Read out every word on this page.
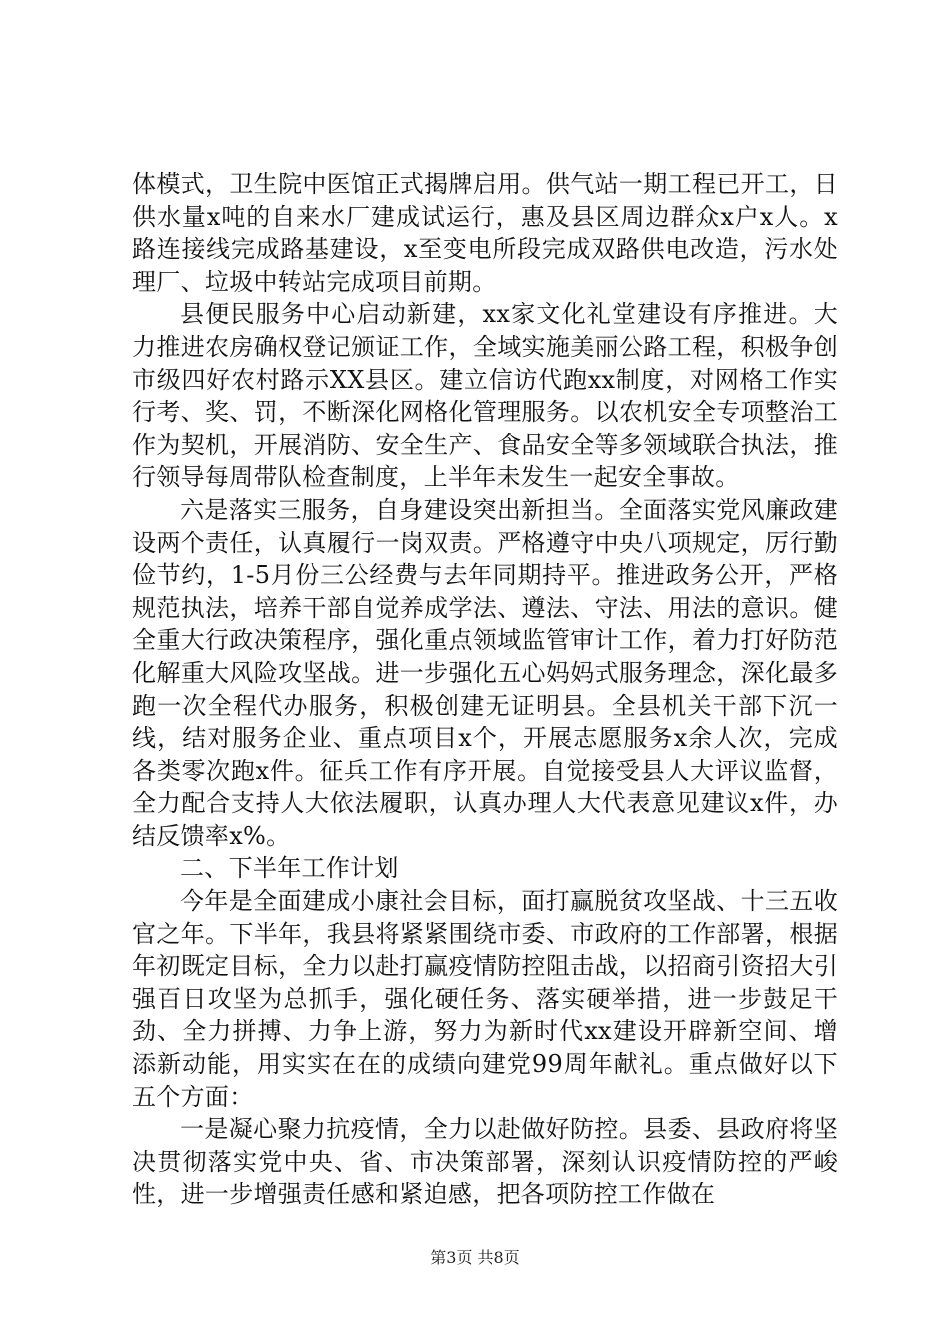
体模式，卫生院中医馆正式揭牌启用。供气站一期工程已开工，日供水量x吨的自来水厂建成试运行，惠及县区周边群众x户x人。x路连接线完成路基建设，x至变电所段完成双路供电改造，污水处理厂、垃圾中转站完成项目前期。

县便民服务中心启动新建，xx家文化礼堂建设有序推进。大力推进农房确权登记颁证工作，全域实施美丽公路工程，积极争创市级四好农村路示XX县区。建立信访代跑xx制度，对网格工作实行考、奖、罚，不断深化网格化管理服务。以农机安全专项整治工作为契机，开展消防、安全生产、食品安全等多领域联合执法，推行领导每周带队检查制度，上半年未发生一起安全事故。

六是落实三服务，自身建设突出新担当。全面落实党风廉政建设两个责任，认真履行一岗双责。严格遵守中央八项规定，厉行勤俭节约，1-5月份三公经费与去年同期持平。推进政务公开，严格规范执法，培养干部自觉养成学法、遵法、守法、用法的意识。健全重大行政决策程序，强化重点领域监管审计工作，着力打好防范化解重大风险攻坚战。进一步强化五心妈妈式服务理念，深化最多跑一次全程代办服务，积极创建无证明县。全县机关干部下沉一线，结对服务企业、重点项目x个，开展志愿服务x余人次，完成各类零次跑x件。征兵工作有序开展。自觉接受县人大评议监督，全力配合支持人大依法履职，认真办理人大代表意见建议x件，办结反馈率x%。

二、下半年工作计划

今年是全面建成小康社会目标，面打赢脱贫攻坚战、十三五收官之年。下半年，我县将紧紧围绕市委、市政府的工作部署，根据年初既定目标，全力以赴打赢疫情防控阻击战，以招商引资招大引强百日攻坚为总抓手，强化硬任务、落实硬举措，进一步鼓足干劲、全力拼搏、力争上游，努力为新时代xx建设开辟新空间、增添新动能，用实实在在的成绩向建党99周年献礼。重点做好以下五个方面：

一是凝心聚力抗疫情，全力以赴做好防控。县委、县政府将坚决贯彻落实党中央、省、市决策部署，深刻认识疫情防控的严峻性，进一步增强责任感和紧迫感，把各项防控工作做在

第3页 共8页
